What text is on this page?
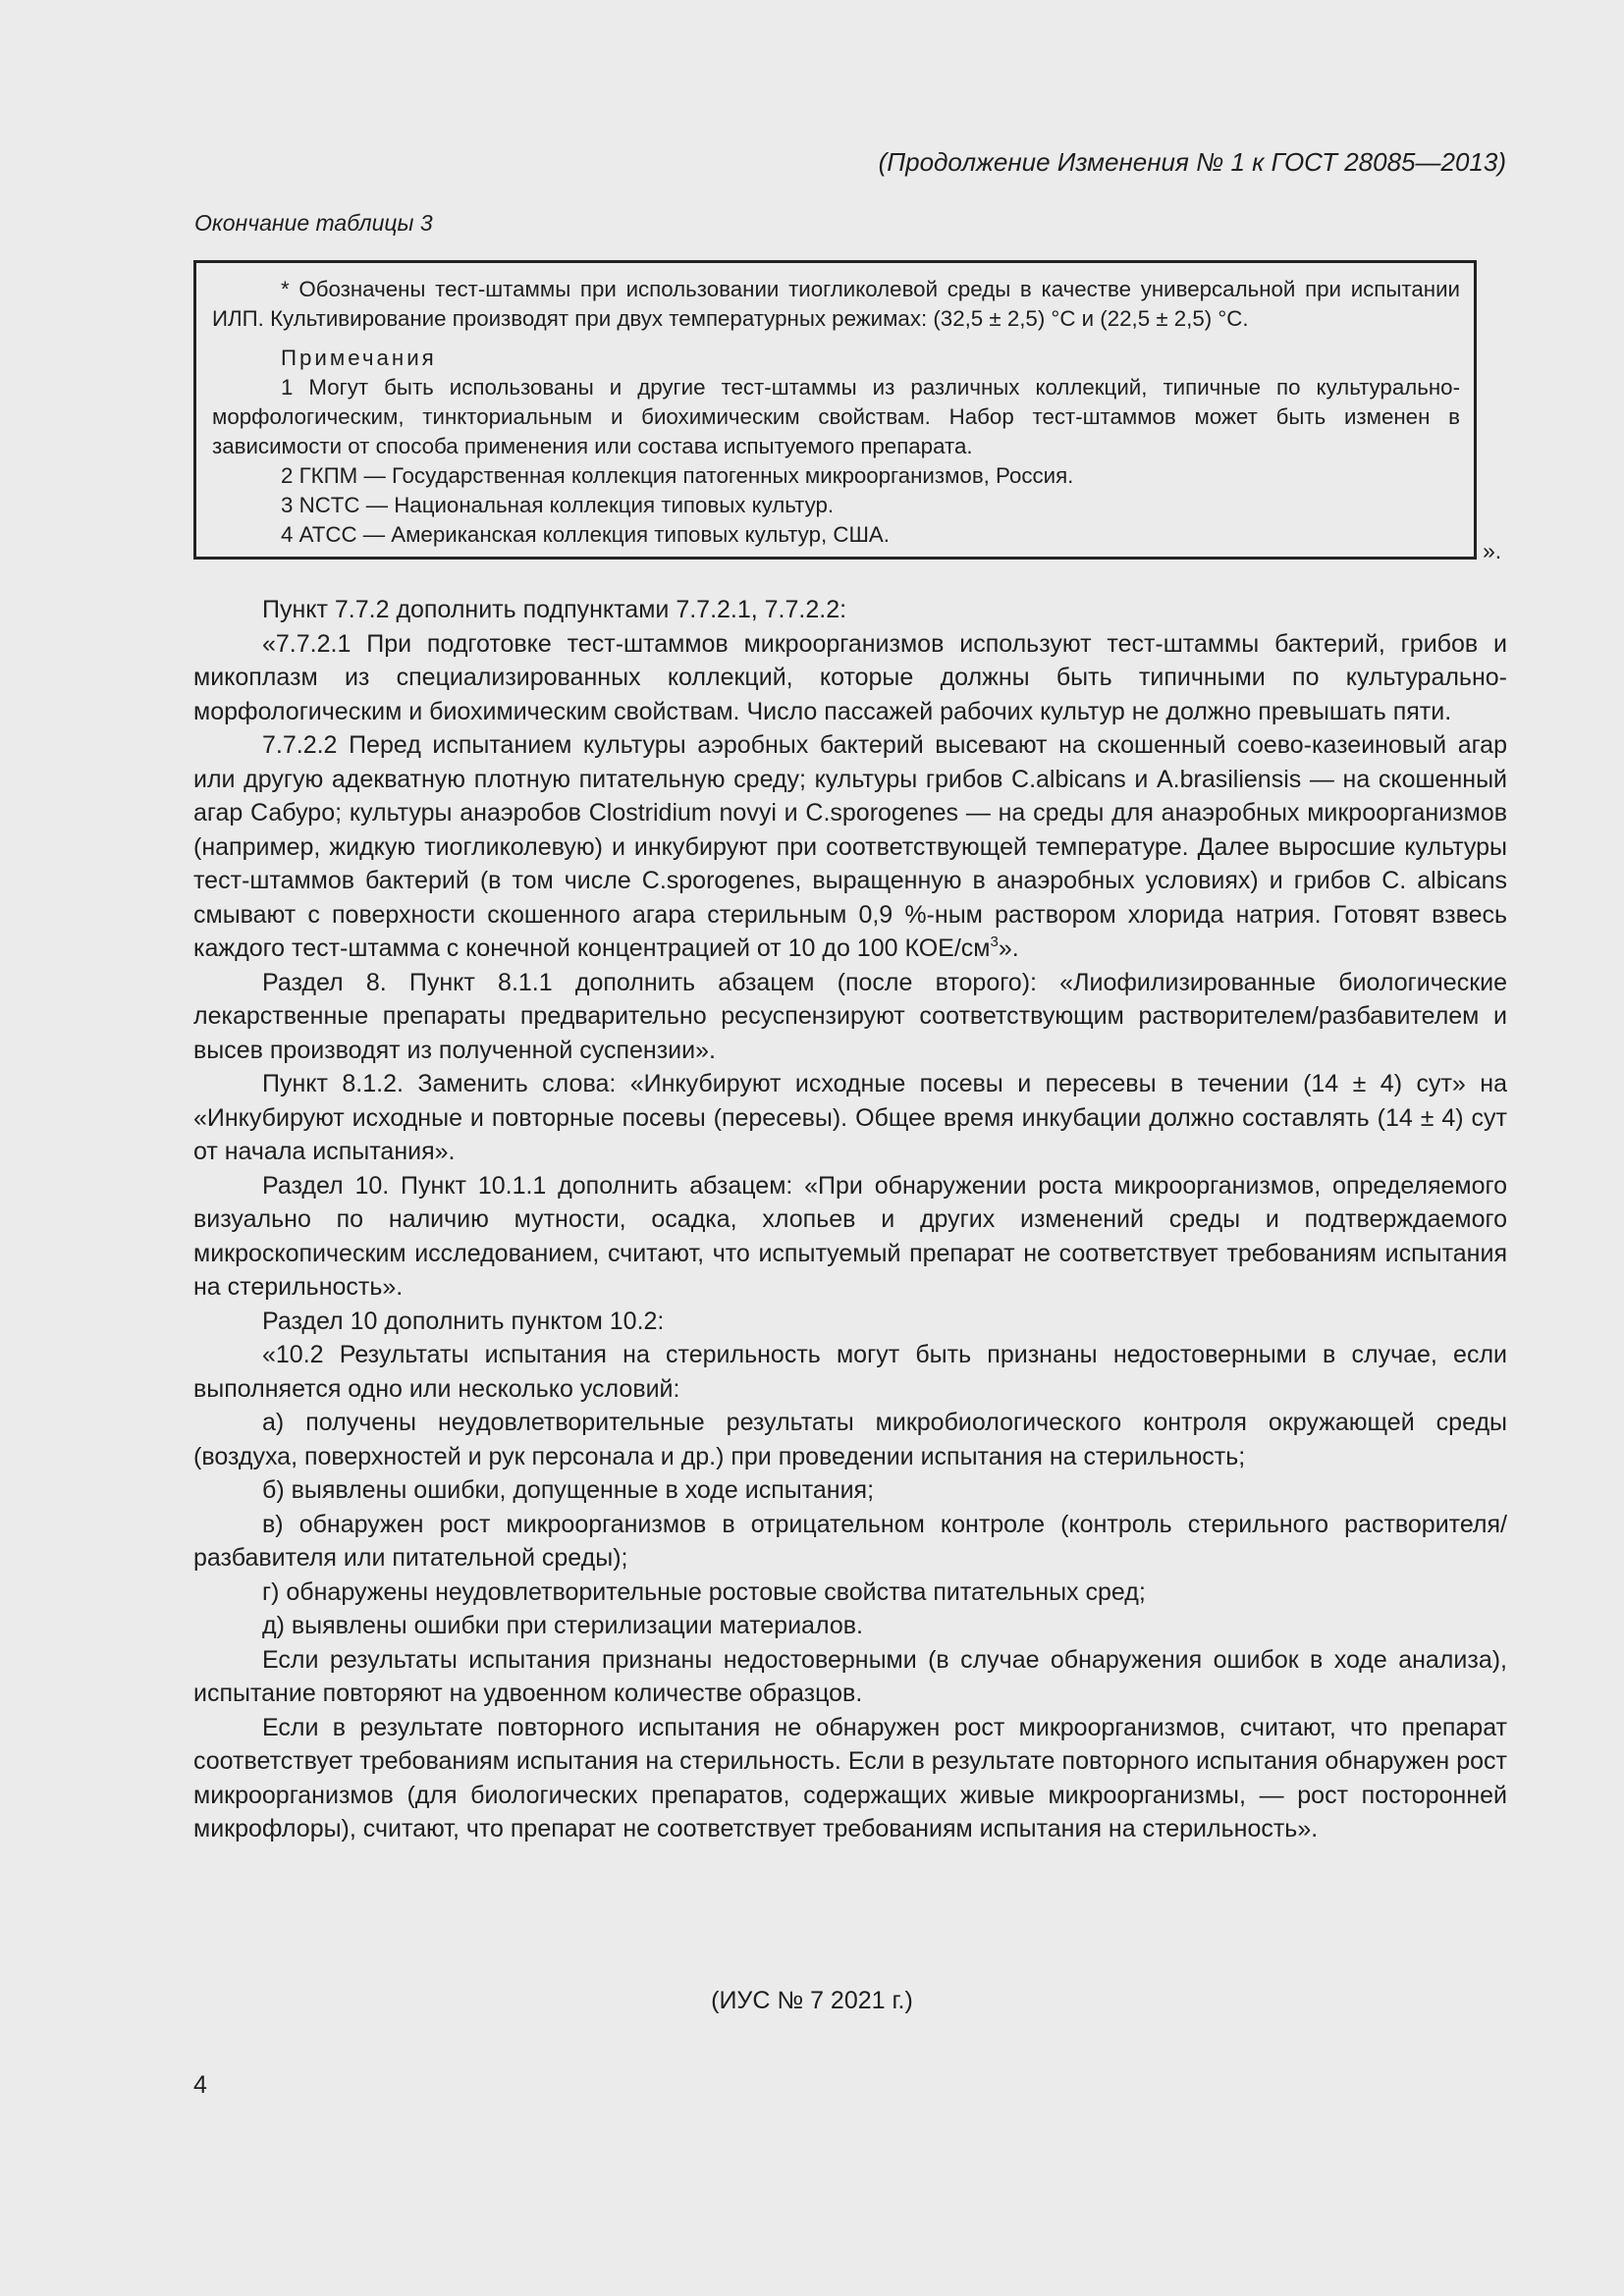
(Продолжение Изменения № 1 к ГОСТ 28085—2013)
Окончание таблицы 3

* Обозначены тест-штаммы при использовании тиогликолевой среды в качестве универсальной при испытании ИЛП. Культивирование производят при двух температурных режимах: (32,5 ± 2,5) °С и (22,5 ± 2,5) °С.

Примечания

1 Могут быть использованы и другие тест-штаммы из различных коллекций, типичные по культурально-морфологическим, тинкториальным и биохимическим свойствам. Набор тест-штаммов может быть изменен в зависимости от способа применения или состава испытуемого препарата.

2 ГКПМ — Государственная коллекция патогенных микроорганизмов, Россия.

3 NCTC — Национальная коллекция типовых культур.

4 АТСС — Американская коллекция типовых культур, США.

».

Пункт 7.7.2 дополнить подпунктами 7.7.2.1, 7.7.2.2:

«7.7.2.1 При подготовке тест-штаммов микроорганизмов используют тест-штаммы бактерий, грибов и микоплазм из специализированных коллекций, которые должны быть типичными по культурально-морфологическим и биохимическим свойствам. Число пассажей рабочих культур не должно превышать пяти.

7.7.2.2 Перед испытанием культуры аэробных бактерий высевают на скошенный соево-казеиновый агар или другую адекватную плотную питательную среду; культуры грибов C.albicans и A.brasiliensis — на скошенный агар Сабуро; культуры анаэробов Clostridium novyi и C.sporogenes — на среды для анаэробных микроорганизмов (например, жидкую тиогликолевую) и инкубируют при соответствующей температуре. Далее выросшие культуры тест-штаммов бактерий (в том числе C.sporogenes, выращенную в анаэробных условиях) и грибов C. albicans смывают с поверхности скошенного агара стерильным 0,9 %-ным раствором хлорида натрия. Готовят взвесь каждого тест-штамма с конечной концентрацией от 10 до 100 КОЕ/$см^3$».

Раздел 8. Пункт 8.1.1 дополнить абзацем (после второго): «Лиофилизированные биологические лекарственные препараты предварительно ресуспензируют соответствующим растворителем/разбавителем и высев производят из полученной суспензии».

Пункт 8.1.2. Заменить слова: «Инкубируют исходные посевы и пересевы в течении (14 ± 4) сут» на «Инкубируют исходные и повторные посевы (пересевы). Общее время инкубации должно составлять (14 ± 4) сут от начала испытания».

Раздел 10. Пункт 10.1.1 дополнить абзацем: «При обнаружении роста микроорганизмов, определяемого визуально по наличию мутности, осадка, хлопьев и других изменений среды и подтверждаемого микроскопическим исследованием, считают, что испытуемый препарат не соответствует требованиям испытания на стерильность».

Раздел 10 дополнить пунктом 10.2:

«10.2 Результаты испытания на стерильность могут быть признаны недостоверными в случае, если выполняется одно или несколько условий:

а) получены неудовлетворительные результаты микробиологического контроля окружающей среды (воздуха, поверхностей и рук персонала и др.) при проведении испытания на стерильность;

б) выявлены ошибки, допущенные в ходе испытания;

в) обнаружен рост микроорганизмов в отрицательном контроле (контроль стерильного растворителя/разбавителя или питательной среды);

г) обнаружены неудовлетворительные ростовые свойства питательных сред;

д) выявлены ошибки при стерилизации материалов.

Если результаты испытания признаны недостоверными (в случае обнаружения ошибок в ходе анализа), испытание повторяют на удвоенном количестве образцов.

Если в результате повторного испытания не обнаружен рост микроорганизмов, считают, что препарат соответствует требованиям испытания на стерильность. Если в результате повторного испытания обнаружен рост микроорганизмов (для биологических препаратов, содержащих живые микроорганизмы, — рост посторонней микрофлоры), считают, что препарат не соответствует требованиям испытания на стерильность».

(ИУС № 7 2021 г.)
4
